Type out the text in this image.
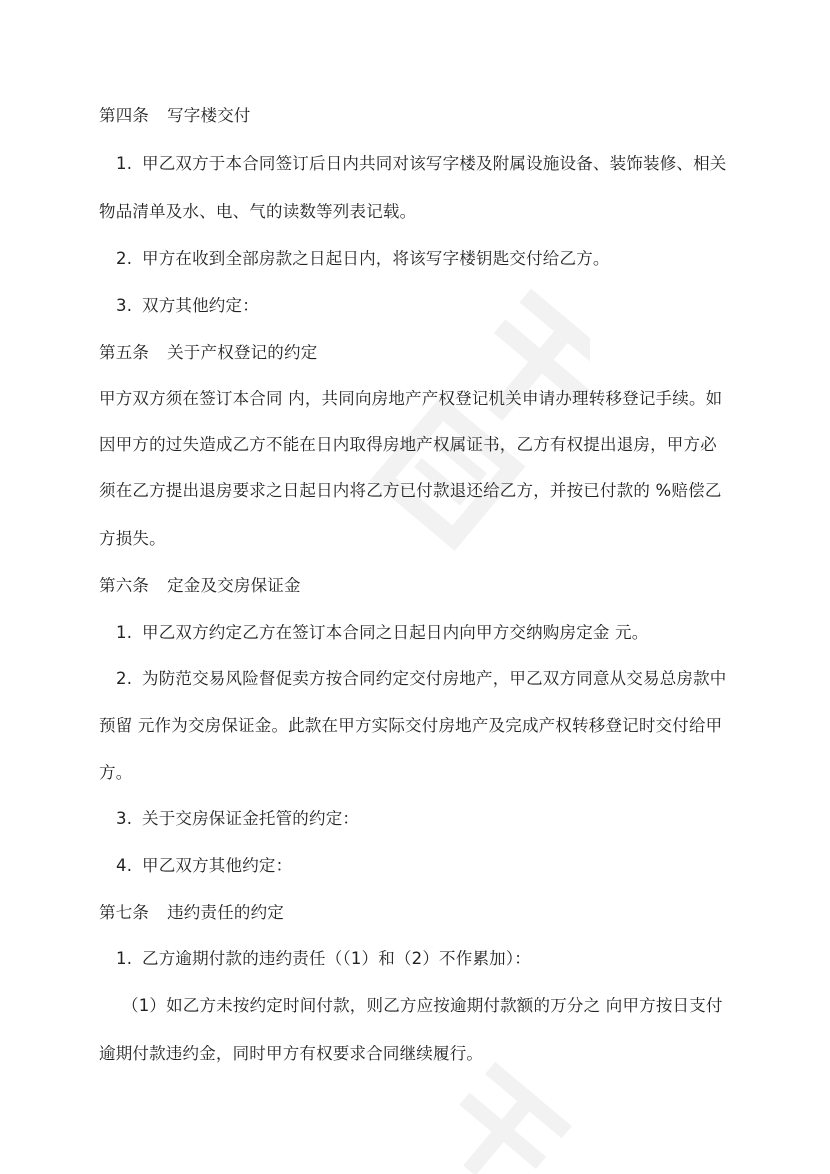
第四条 写字楼交付
1. 甲乙双方于本合同签订后日内共同对该写字楼及附属设施设备、装饰装修、相关
物品清单及水、电、气的读数等列表记载。
2. 甲方在收到全部房款之日起日内，将该写字楼钥匙交付给乙方。
3. 双方其他约定：
第五条 关于产权登记的约定
甲方双方须在签订本合同 内，共同向房地产产权登记机关申请办理转移登记手续。如
因甲方的过失造成乙方不能在日内取得房地产权属证书，乙方有权提出退房，甲方必
须在乙方提出退房要求之日起日内将乙方已付款退还给乙方，并按已付款的 %赔偿乙
方损失。
第六条 定金及交房保证金
1. 甲乙双方约定乙方在签订本合同之日起日内向甲方交纳购房定金 元。
2. 为防范交易风险督促卖方按合同约定交付房地产，甲乙双方同意从交易总房款中
预留 元作为交房保证金。此款在甲方实际交付房地产及完成产权转移登记时交付给甲
方。
3. 关于交房保证金托管的约定：
4. 甲乙双方其他约定：
第七条 违约责任的约定
1. 乙方逾期付款的违约责任（（1）和（2）不作累加）：
（1）如乙方未按约定时间付款，则乙方应按逾期付款额的万分之 向甲方按日支付
逾期付款违约金，同时甲方有权要求合同继续履行。
